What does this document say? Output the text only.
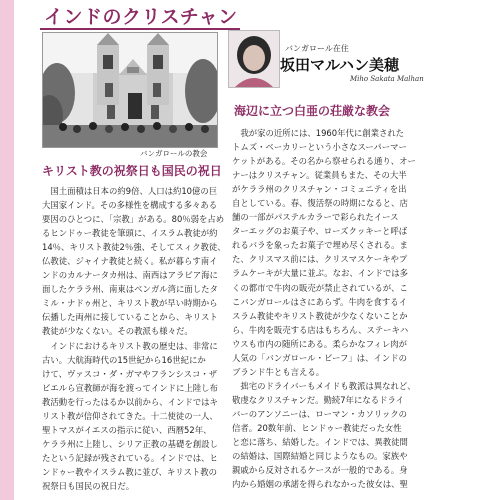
インドのクリスチャン
バンガロールの教会
バンガロール在住
坂田マルハン美穂
Miho Sakata Malhan
海辺に立つ白亜の荘厳な教会
　我が家の近所には、1960年代に創業された
トムズ・ベーカリーという小さなスーパーマー
ケットがある。その名から察せられる通り、オー
ナーはクリスチャン。従業員もまた、その大半
がケララ州のクリスチャン・コミュニティを出
自としている。春、復活祭の時期になると、店
舗の一部がパステルカラーで彩られたイース
ターエッグのお菓子や、ローズクッキーと呼ば
れるバラを象ったお菓子で埋め尽くされる。ま
た、クリスマス前には、クリスマスケーキやプ
ラムケーキが大量に並ぶ。なお、インドでは多
くの都市で牛肉の販売が禁止されているが、こ
こバンガロールはさにあらず。牛肉を食するイ
スラム教徒やキリスト教徒が少なくないことか
ら、牛肉を販売する店はもちろん、ステーキハ
ウスも市内の随所にある。柔らかなフィレ肉が
人気の「バンガロール・ビーフ」は、インドの
ブランド牛とも言える。
　拙宅のドライバーもメイドも教派は異なれど、
敬虔なクリスチャンだ。勤続7年になるドライ
バーのアンソニーは、ローマン・カソリックの
信者。20数年前、ヒンドゥー教徒だった女性
と恋に落ち、結婚した。インドでは、異教徒間
の結婚は、国際結婚と同じようなもの。家族や
親戚から反対されるケースが一般的である。身
内から婚姻の承諾を得られなかった彼女は、聖
キリスト教の祝祭日も国民の祝日
　国土面積は日本の約9倍、人口は約10億の巨
大国家インド。その多様性を構成する多々ある
要因のひとつに、「宗教」がある。80％弱を占め
るヒンドゥー教徒を筆頭に、イスラム教徒が約
14％、キリスト教徒2％強、そしてスィク教徒、
仏教徒、ジャイナ教徒と続く。私が暮らす南イ
ンドのカルナータカ州は、南西はアラビア海に
面したケララ州、南東はベンガル湾に面したタ
ミル・ナドゥ州と、キリスト教が早い時期から
伝播した両州に接していることから、キリスト
教徒が少なくない。その教派も様々だ。
　インドにおけるキリスト教の歴史は、非常に
古い。大航海時代の15世紀から16世紀にか
けて、ヴァスコ・ダ・ガマやフランシスコ・ザ
ビエルら宣教師が海を渡ってインドに上陸し布
教活動を行ったはるか以前から、インドではキ
リスト教が信仰されてきた。十二使徒の一人、
聖トマスがイエスの指示に従い、西暦52年、
ケララ州に上陸し、シリア正教の基礎を創設し
たという記録が残されている。インドでは、ヒ
ンドゥー教やイスラム教に並び、キリスト教の
祝祭日も国民の祝日だ。
